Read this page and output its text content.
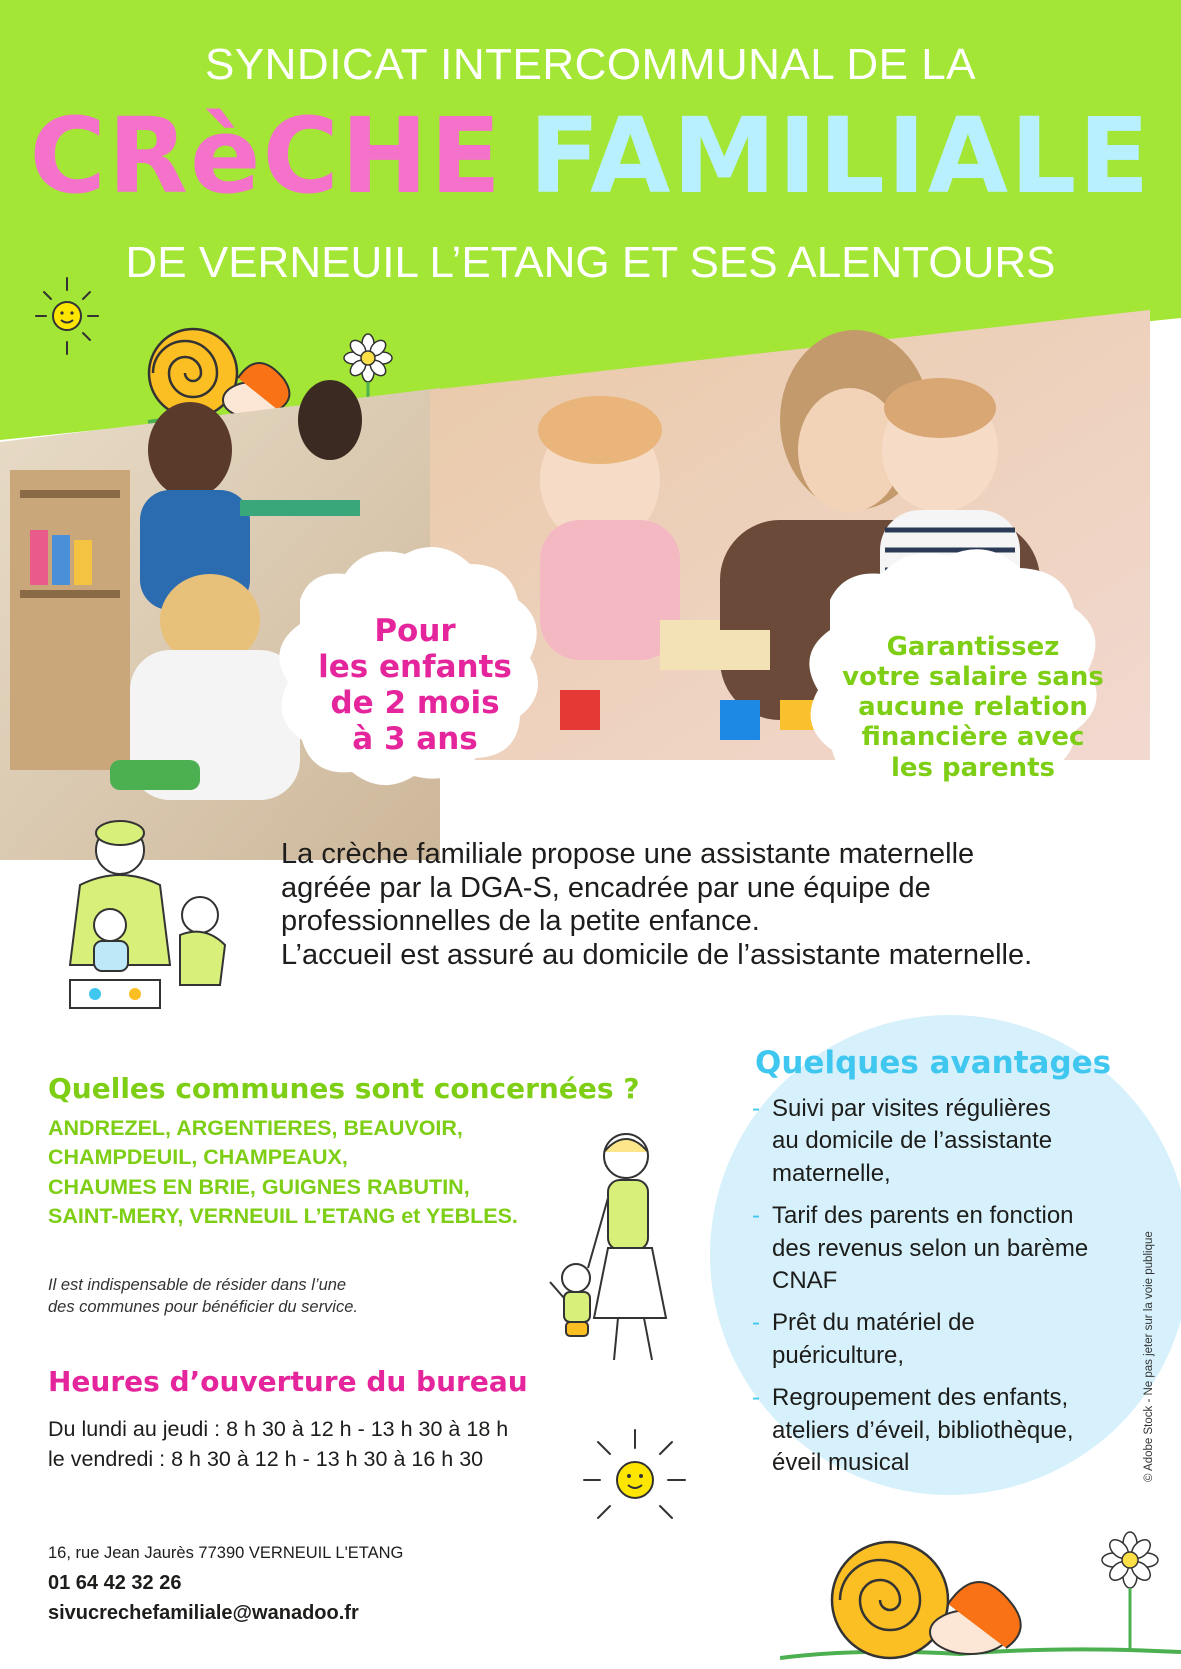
SYNDICAT INTERCOMMUNAL DE LA
CRèCHE FAMILIALE
DE VERNEUIL L’ETANG ET SES ALENTOURS
Pour
les enfants
de 2 mois
à 3 ans
Garantissez
votre salaire sans
aucune relation
financière avec
les parents

La crèche familiale propose une assistante maternelle

agréée par la DGA-S, encadrée par une équipe de

professionnelles de la petite enfance.

L’accueil est assuré au domicile de l’assistante maternelle.

Quelles communes sont concernées ?
ANDREZEL, ARGENTIERES, BEAUVOIR,
CHAMPDEUIL, CHAMPEAUX,
CHAUMES EN BRIE, GUIGNES RABUTIN,
SAINT-MERY, VERNEUIL L’ETANG et YEBLES.
Il est indispensable de résider dans l’une
des communes pour bénéficier du service.
Heures d’ouverture du bureau
Du lundi au jeudi : 8 h 30 à 12 h - 13 h 30 à 18 h
le vendredi : 8 h 30 à 12 h - 13 h 30 à 16 h 30
Quelques avantages
- Suivi par visites régulières
au domicile de l’assistante
maternelle,
- Tarif des parents en fonction
des revenus selon un barème
CNAF
- Prêt du matériel de
puériculture,
- Regroupement des enfants,
ateliers d’éveil, bibliothèque,
éveil musical	© Adobe Stock - Ne pas jeter sur la voie publique
16, rue Jean Jaurès 77390 VERNEUIL L'ETANG
01 64 42 32 26
sivucrechefamiliale@wanadoo.fr
